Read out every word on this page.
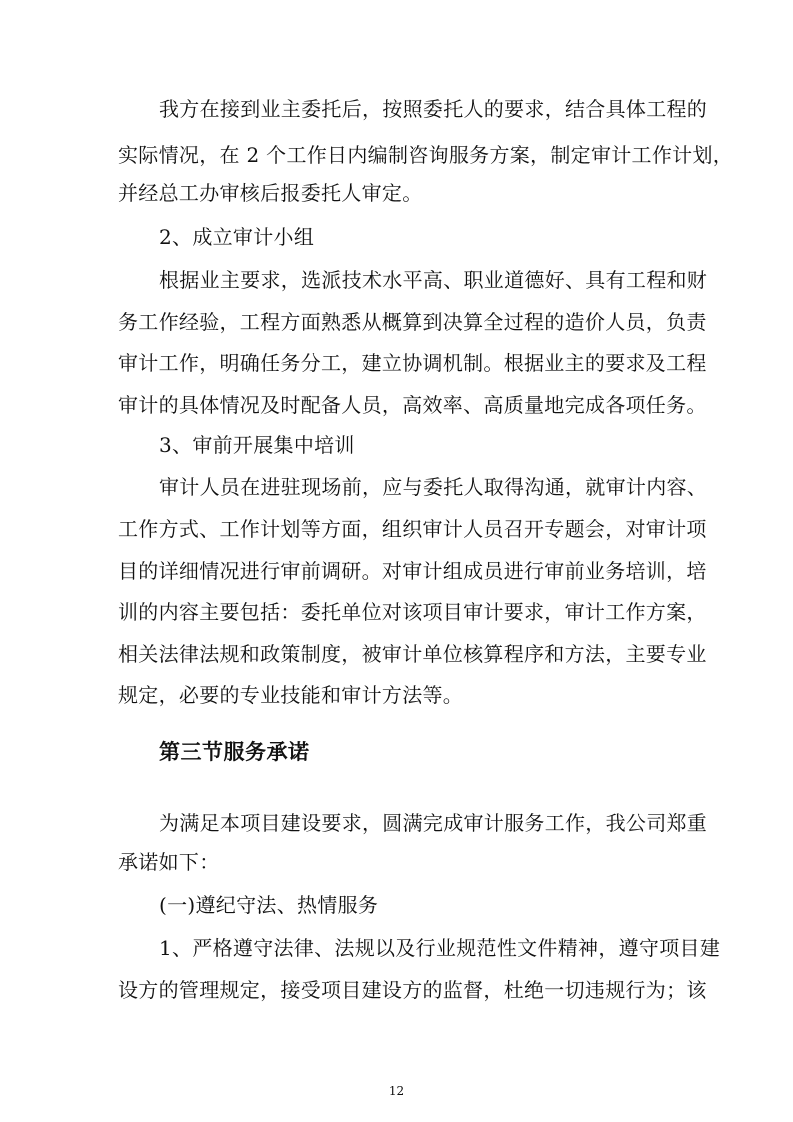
我方在接到业主委托后，按照委托人的要求，结合具体工程的
实际情况，在 2 个工作日内编制咨询服务方案，制定审计工作计划，
并经总工办审核后报委托人审定。
2、成立审计小组
根据业主要求，选派技术水平高、职业道德好、具有工程和财
务工作经验，工程方面熟悉从概算到决算全过程的造价人员，负责
审计工作，明确任务分工，建立协调机制。根据业主的要求及工程
审计的具体情况及时配备人员，高效率、高质量地完成各项任务。
3、审前开展集中培训
审计人员在进驻现场前，应与委托人取得沟通，就审计内容、
工作方式、工作计划等方面，组织审计人员召开专题会，对审计项
目的详细情况进行审前调研。对审计组成员进行审前业务培训，培
训的内容主要包括：委托单位对该项目审计要求，审计工作方案，
相关法律法规和政策制度，被审计单位核算程序和方法，主要专业
规定，必要的专业技能和审计方法等。
第三节服务承诺
为满足本项目建设要求，圆满完成审计服务工作，我公司郑重
承诺如下：
(一)遵纪守法、热情服务
1、严格遵守法律、法规以及行业规范性文件精神，遵守项目建
设方的管理规定，接受项目建设方的监督，杜绝一切违规行为；该
12
